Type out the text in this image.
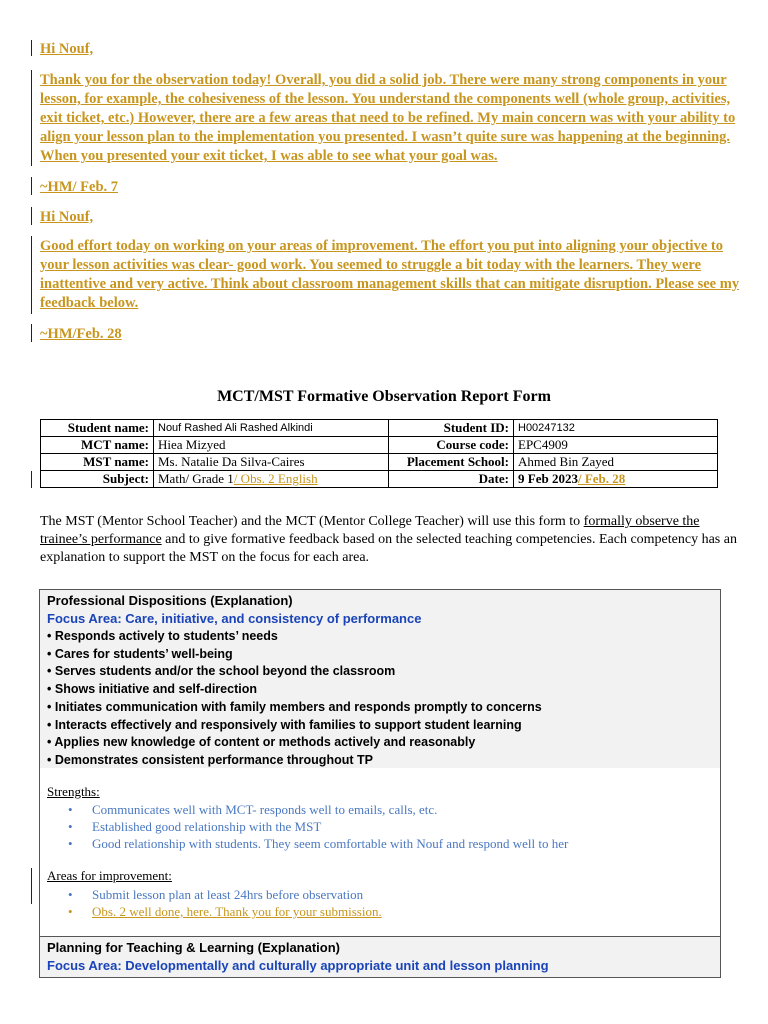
Hi Nouf,
Thank you for the observation today! Overall, you did a solid job. There were many strong components in your lesson, for example, the cohesiveness of the lesson. You understand the components well (whole group, activities, exit ticket, etc.) However, there are a few areas that need to be refined. My main concern was with your ability to align your lesson plan to the implementation you presented. I wasn’t quite sure was happening at the beginning. When you presented your exit ticket, I was able to see what your goal was.
~HM/ Feb. 7
Hi Nouf,
Good effort today on working on your areas of improvement. The effort you put into aligning your objective to your lesson activities was clear- good work. You seemed to struggle a bit today with the learners. They were inattentive and very active. Think about classroom management skills that can mitigate disruption. Please see my feedback below.
~HM/Feb. 28
MCT/MST Formative Observation Report Form
Student name:	Nouf Rashed Ali Rashed Alkindi	Student ID:	H00247132
MCT name:	Hiea Mizyed	Course code:	EPC4909
MST name:	Ms. Natalie Da Silva-Caires	Placement School:	Ahmed Bin Zayed
Subject:	Math/ Grade 1/ Obs. 2 English	Date:	9 Feb 2023/ Feb. 28
The MST (Mentor School Teacher) and the MCT (Mentor College Teacher) will use this form to formally observe the trainee’s performance and to give formative feedback based on the selected teaching competencies. Each competency has an explanation to support the MST on the focus for each area.
Professional Dispositions (Explanation)
Focus Area: Care, initiative, and consistency of performance
• Responds actively to students’ needs
• Cares for students’ well-being
• Serves students and/or the school beyond the classroom
• Shows initiative and self-direction
• Initiates communication with family members and responds promptly to concerns
• Interacts effectively and responsively with families to support student learning
• Applies new knowledge of content or methods actively and reasonably
• Demonstrates consistent performance throughout TP
Strengths:
• Communicates well with MCT- responds well to emails, calls, etc.
• Established good relationship with the MST
• Good relationship with students. They seem comfortable with Nouf and respond well to her
Areas for improvement:
• Submit lesson plan at least 24hrs before observation
• Obs. 2 well done, here. Thank you for your submission.
Planning for Teaching & Learning (Explanation)
Focus Area: Developmentally and culturally appropriate unit and lesson planning
